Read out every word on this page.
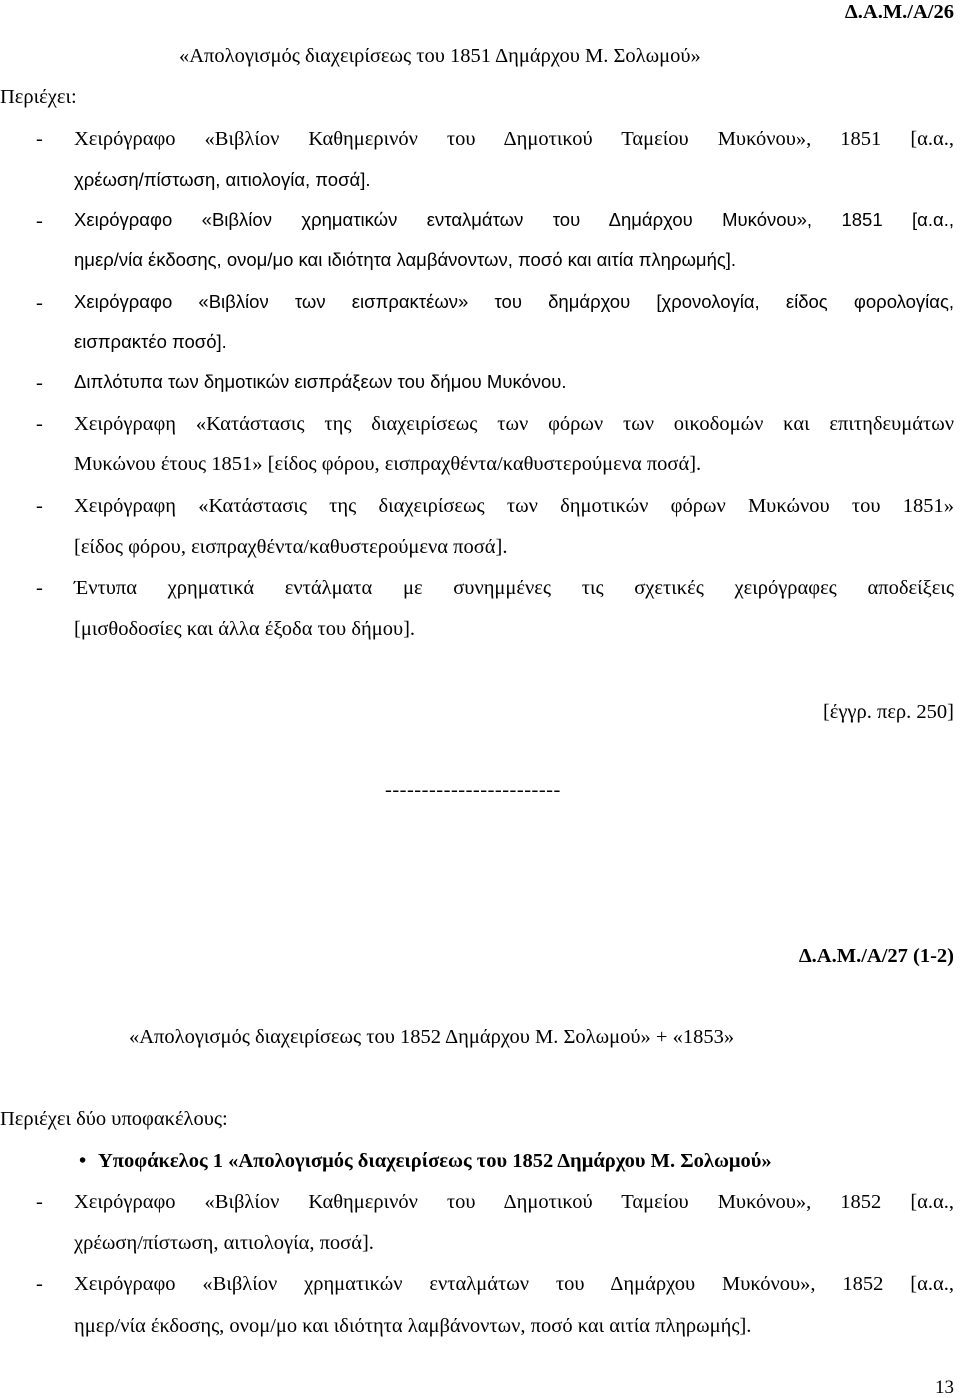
Δ.Α.Μ./Α/26
«Απολογισμός διαχειρίσεως του 1851 Δημάρχου Μ. Σολωμού»
Περιέχει:
- Χειρόγραφο «Βιβλίον Καθημερινόν του Δημοτικού Ταμείου Μυκόνου», 1851 [α.α.,
χρέωση/πίστωση, αιτιολογία, ποσά].
- Χειρόγραφο «Βιβλίον χρηματικών ενταλμάτων του Δημάρχου Μυκόνου», 1851 [α.α.,
ημερ/νία έκδοσης, ονομ/μο και ιδιότητα λαμβάνοντων, ποσό και αιτία πληρωμής].
- Χειρόγραφο «Βιβλίον των εισπρακτέων» του δημάρχου [χρονολογία, είδος φορολογίας,
εισπρακτέο ποσό].
- Διπλότυπα των δημοτικών εισπράξεων του δήμου Μυκόνου.
- Χειρόγραφη «Κατάστασις της διαχειρίσεως των φόρων των οικοδομών και επιτηδευμάτων
Μυκώνου έτους 1851» [είδος φόρου, εισπραχθέντα/καθυστερούμενα ποσά].
- Χειρόγραφη «Κατάστασις της διαχειρίσεως των δημοτικών φόρων Μυκώνου του 1851»
[είδος φόρου, εισπραχθέντα/καθυστερούμενα ποσά].
- Έντυπα χρηματικά εντάλματα με συνημμένες τις σχετικές χειρόγραφες αποδείξεις
[μισθοδοσίες και άλλα έξοδα του δήμου].
[έγγρ. περ. 250]
------------------------
Δ.Α.Μ./Α/27 (1-2)
«Απολογισμός διαχειρίσεως του 1852 Δημάρχου Μ. Σολωμού» + «1853»
Περιέχει δύο υποφακέλους:
• Υποφάκελος 1 «Απολογισμός διαχειρίσεως του 1852 Δημάρχου Μ. Σολωμού»
- Χειρόγραφο «Βιβλίον Καθημερινόν του Δημοτικού Ταμείου Μυκόνου», 1852 [α.α.,
χρέωση/πίστωση, αιτιολογία, ποσά].
- Χειρόγραφο «Βιβλίον χρηματικών ενταλμάτων του Δημάρχου Μυκόνου», 1852 [α.α.,
ημερ/νία έκδοσης, ονομ/μο και ιδιότητα λαμβάνοντων, ποσό και αιτία πληρωμής].
13
